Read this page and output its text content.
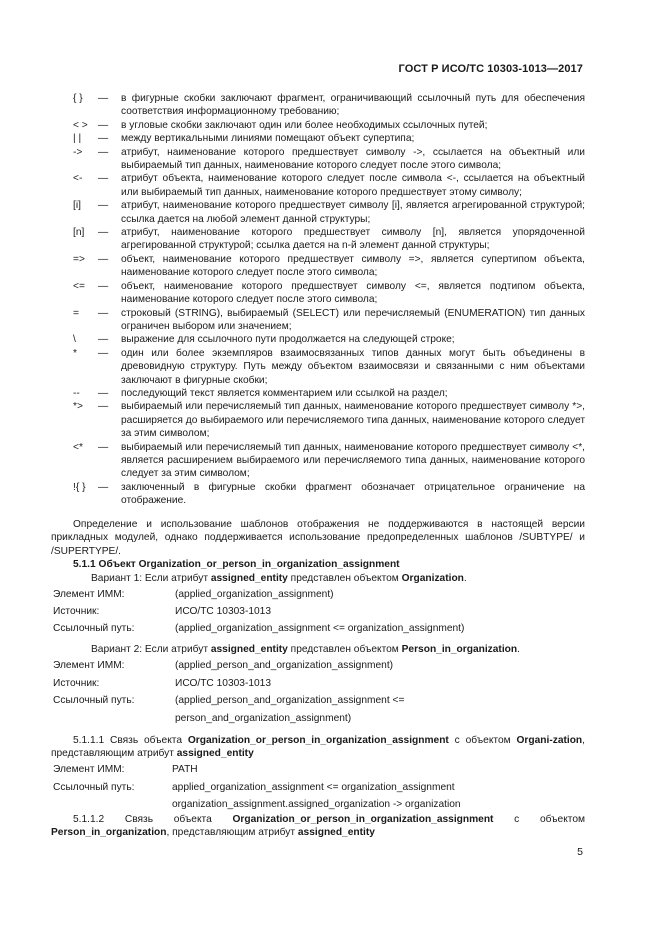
ГОСТ Р ИСО/ТС 10303-1013—2017
{ }	—	в фигурные скобки заключают фрагмент, ограничивающий ссылочный путь для обеспечения соответствия информационному требованию;
< >	—	в угловые скобки заключают один или более необходимых ссылочных путей;
| |	—	между вертикальными линиями помещают объект супертипа;
->	—	атрибут, наименование которого предшествует символу ->, ссылается на объектный или выбираемый тип данных, наименование которого следует после этого символа;
<-	—	атрибут объекта, наименование которого следует после символа <-, ссылается на объектный или выбираемый тип данных, наименование которого предшествует этому символу;
[i]	—	атрибут, наименование которого предшествует символу [i], является агрегированной структурой; ссылка дается на любой элемент данной структуры;
[n]	—	атрибут, наименование которого предшествует символу [n], является упорядоченной агрегированной структурой; ссылка дается на n-й элемент данной структуры;
=>	—	объект, наименование которого предшествует символу =>, является супертипом объекта, наименование которого следует после этого символа;
<=	—	объект, наименование которого предшествует символу <=, является подтипом объекта, наименование которого следует после этого символа;
=	—	строковый (STRING), выбираемый (SELECT) или перечисляемый (ENUMERATION) тип данных ограничен выбором или значением;
\	—	выражение для ссылочного пути продолжается на следующей строке;
*	—	один или более экземпляров взаимосвязанных типов данных могут быть объединены в древовидную структуру. Путь между объектом взаимосвязи и связанными с ним объектами заключают в фигурные скобки;
--	—	последующий текст является комментарием или ссылкой на раздел;
*>	—	выбираемый или перечисляемый тип данных, наименование которого предшествует символу *>, расширяется до выбираемого или перечисляемого типа данных, наименование которого следует за этим символом;
<*	—	выбираемый или перечисляемый тип данных, наименование которого предшествует символу <*, является расширением выбираемого или перечисляемого типа данных, наименование которого следует за этим символом;
!{ }	—	заключенный в фигурные скобки фрагмент обозначает отрицательное ограничение на отображение.

Определение и использование шаблонов отображения не поддерживаются в настоящей версии прикладных модулей, однако поддерживается использование предопределенных шаблонов /SUBTYPE/ и /SUPERTYPE/.

5.1.1 Объект Organization_or_person_in_organization_assignment

Вариант 1: Если атрибут assigned_entity представлен объектом Organization.

Элемент ИММ:	(applied_organization_assignment)
Источник:	ИСО/ТС 10303-1013
Ссылочный путь:	(applied_organization_assignment <= organization_assignment)

Вариант 2: Если атрибут assigned_entity представлен объектом Person_in_organization.

Элемент ИММ:	(applied_person_and_organization_assignment)
Источник:	ИСО/ТС 10303-1013
Ссылочный путь:	(applied_person_and_organization_assignment <=
person_and_organization_assignment)

5.1.1.1 Связь объекта Organization_or_person_in_organization_assignment с объектом Organi-zation, представляющим атрибут assigned_entity

Элемент ИММ:	PATH
Ссылочный путь:	applied_organization_assignment <= organization_assignment
organization_assignment.assigned_organization -> organization

5.1.1.2 Связь объекта Organization_or_person_in_organization_assignment с объектом Person_in_organization, представляющим атрибут assigned_entity

5
